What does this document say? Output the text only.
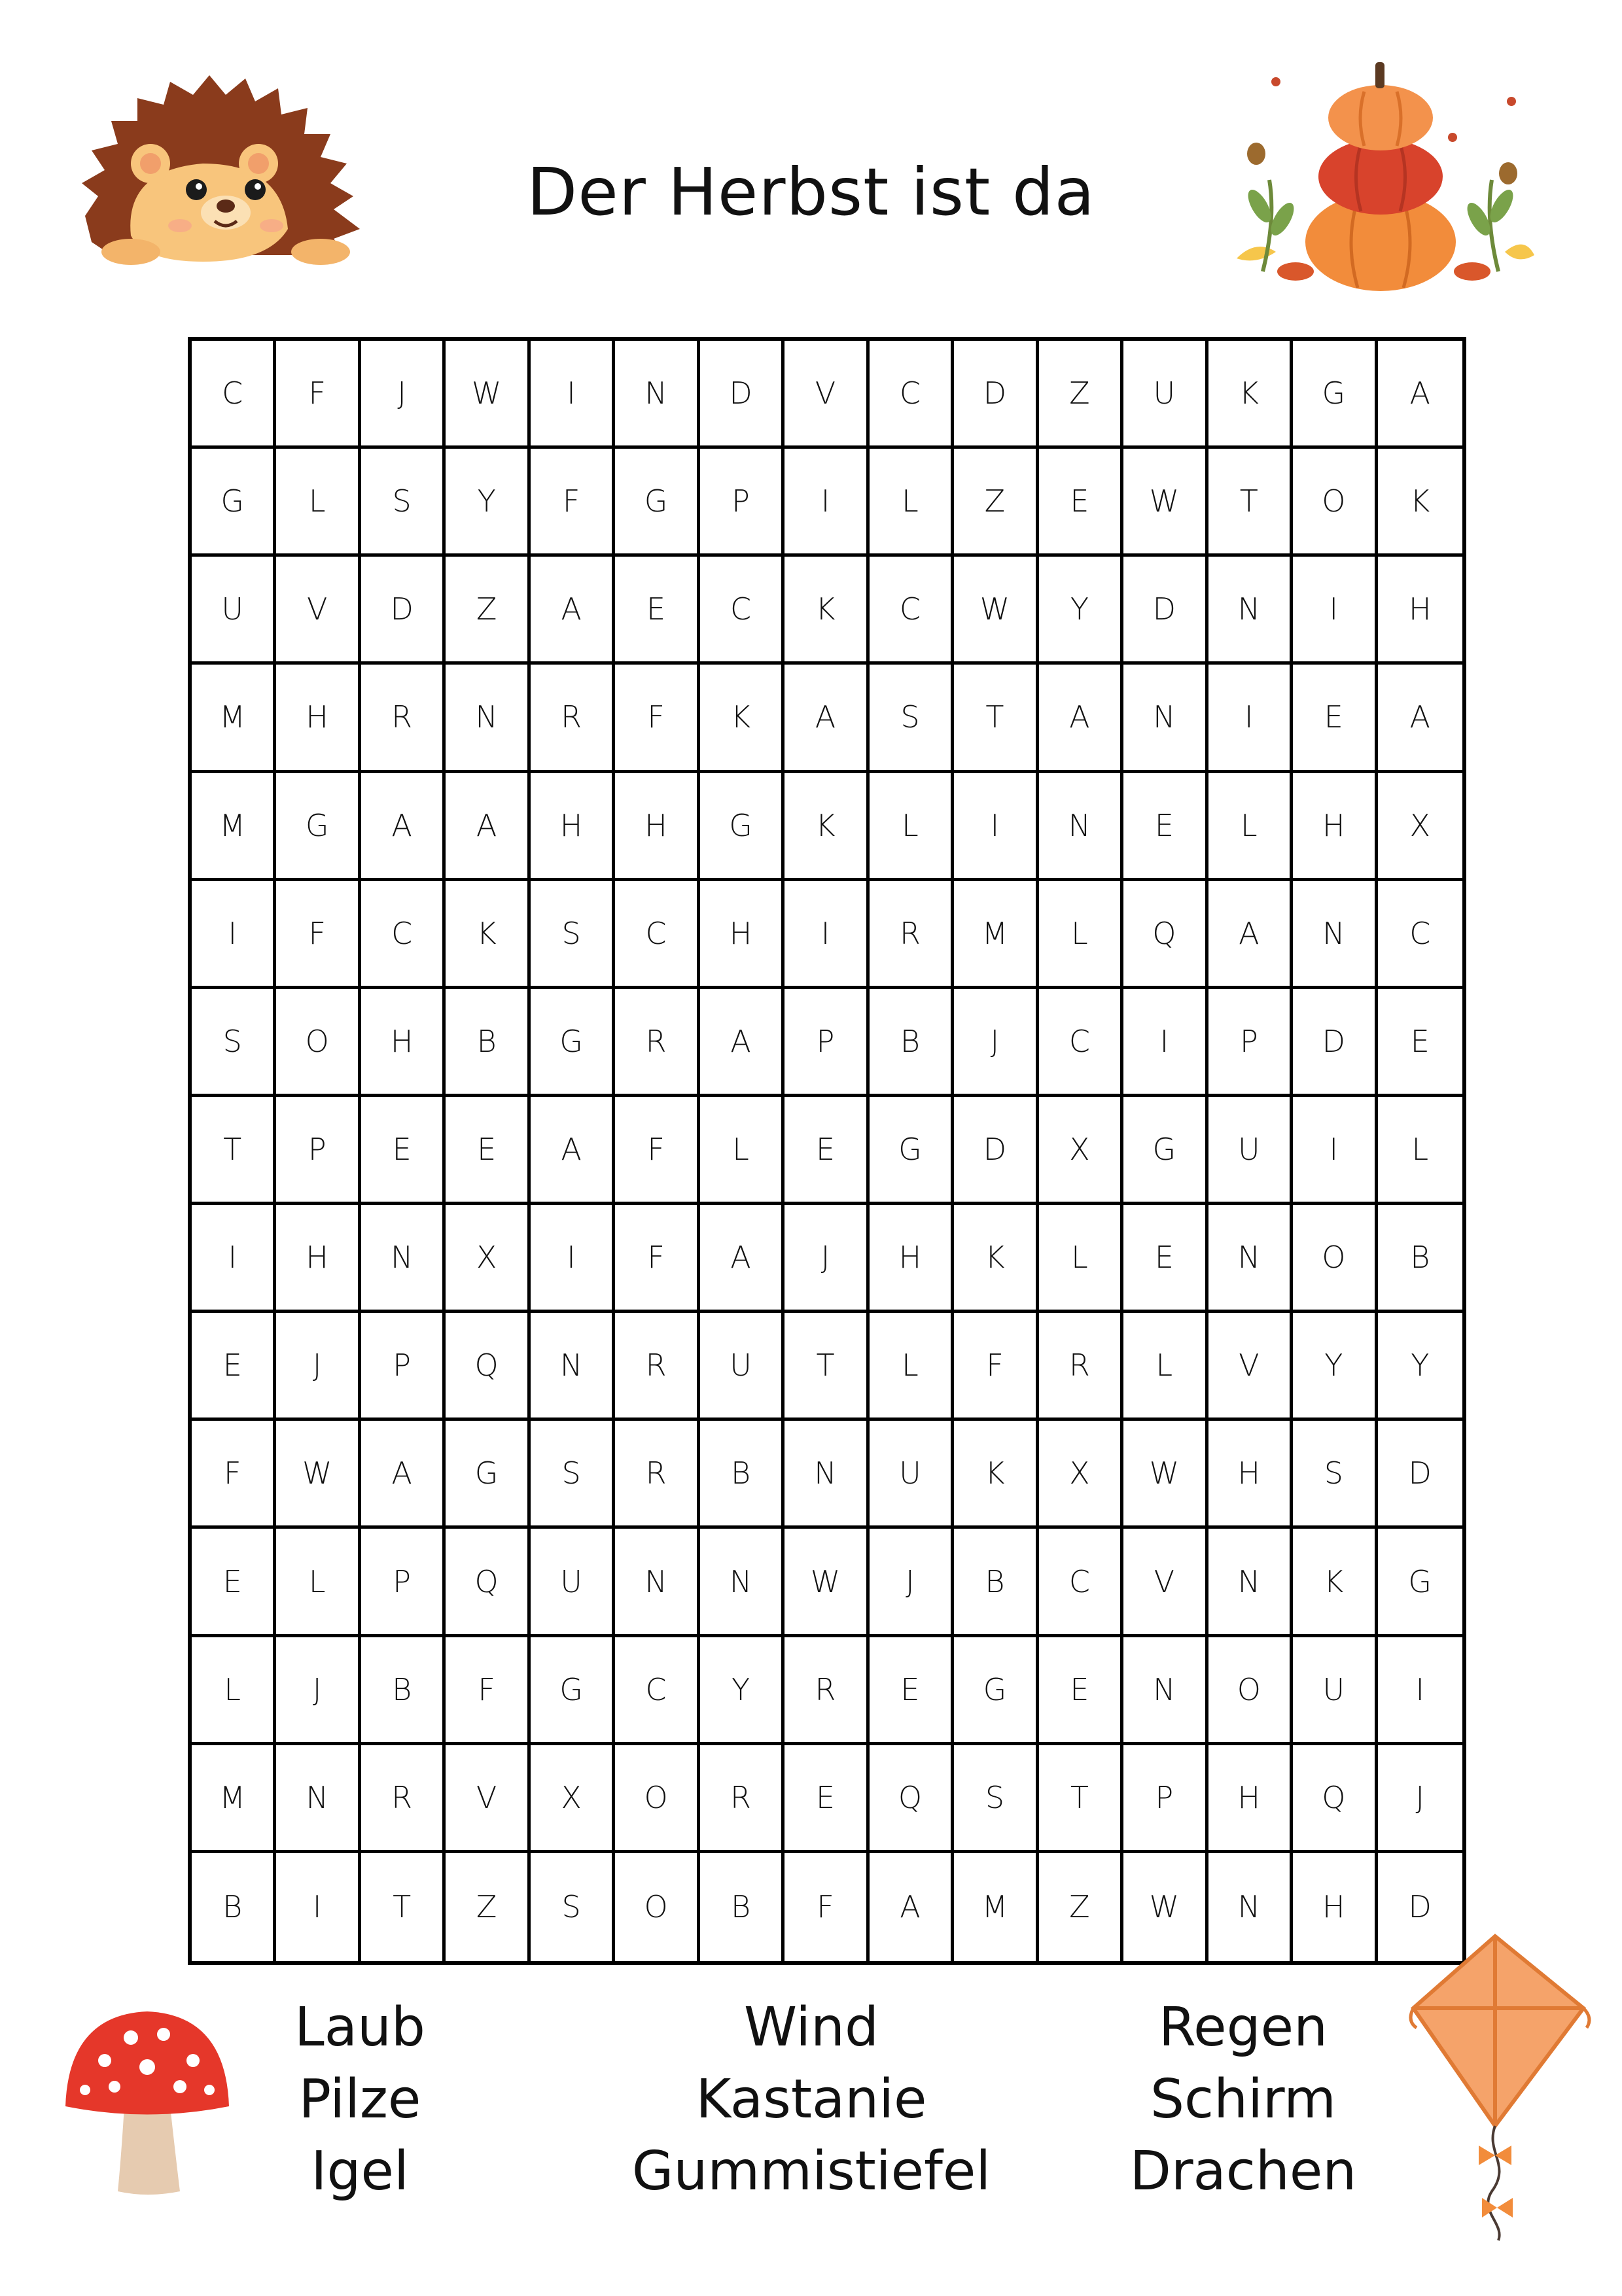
Der Herbst ist da
C	F	J	W	I	N	D	V	C	D	Z	U	K	G	A
G	L	S	Y	F	G	P	I	L	Z	E	W	T	O	K
U	V	D	Z	A	E	C	K	C	W	Y	D	N	I	H
M	H	R	N	R	F	K	A	S	T	A	N	I	E	A
M	G	A	A	H	H	G	K	L	I	N	E	L	H	X
I	F	C	K	S	C	H	I	R	M	L	Q	A	N	C
S	O	H	B	G	R	A	P	B	J	C	I	P	D	E
T	P	E	E	A	F	L	E	G	D	X	G	U	I	L
I	H	N	X	I	F	A	J	H	K	L	E	N	O	B
E	J	P	Q	N	R	U	T	L	F	R	L	V	Y	Y
F	W	A	G	S	R	B	N	U	K	X	W	H	S	D
E	L	P	Q	U	N	N	W	J	B	C	V	N	K	G
L	J	B	F	G	C	Y	R	E	G	E	N	O	U	I
M	N	R	V	X	O	R	E	Q	S	T	P	H	Q	J
B	I	T	Z	S	O	B	F	A	M	Z	W	N	H	D
Laub
Pilze
Igel
Wind
Kastanie
Gummistiefel
Regen
Schirm
Drachen
